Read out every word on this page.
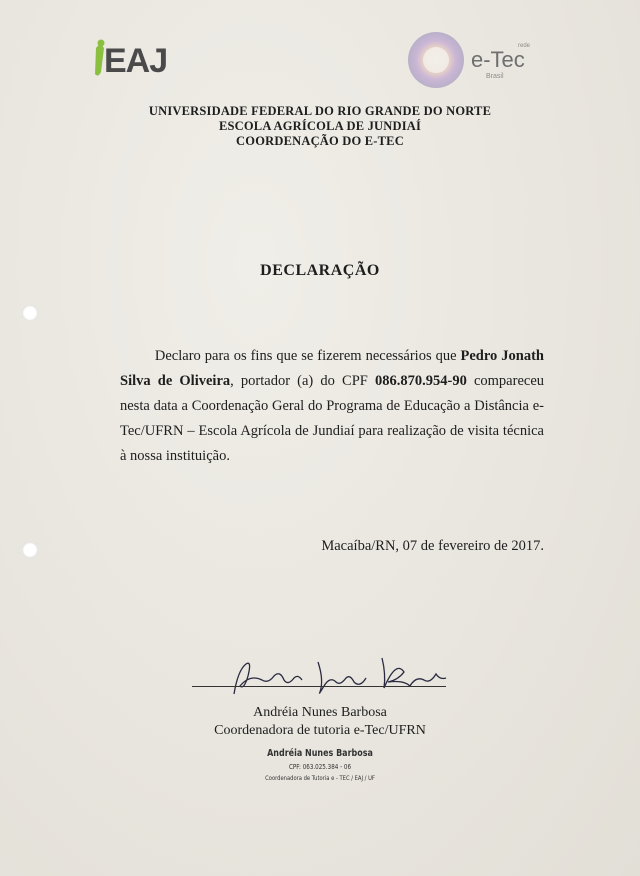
EAJ	e-Tec
rede
Brasil
UNIVERSIDADE FEDERAL DO RIO GRANDE DO NORTE
ESCOLA AGRÍCOLA DE JUNDIAÍ
COORDENAÇÃO DO E-TEC
DECLARAÇÃO
Declaro para os fins que se fizerem necessários que Pedro Jonath Silva de Oliveira, portador (a) do CPF 086.870.954-90 compareceu nesta data a Coordenação Geral do Programa de Educação a Distância e-Tec/UFRN – Escola Agrícola de Jundiaí para realização de visita técnica à nossa instituição.
Macaíba/RN, 07 de fevereiro de 2017.
Andréia Nunes Barbosa
Coordenadora de tutoria e-Tec/UFRN
Andréia Nunes Barbosa
CPF: 063.025.384 - 06
Coordenadora de Tutoria e - TEC / EAJ / UF
